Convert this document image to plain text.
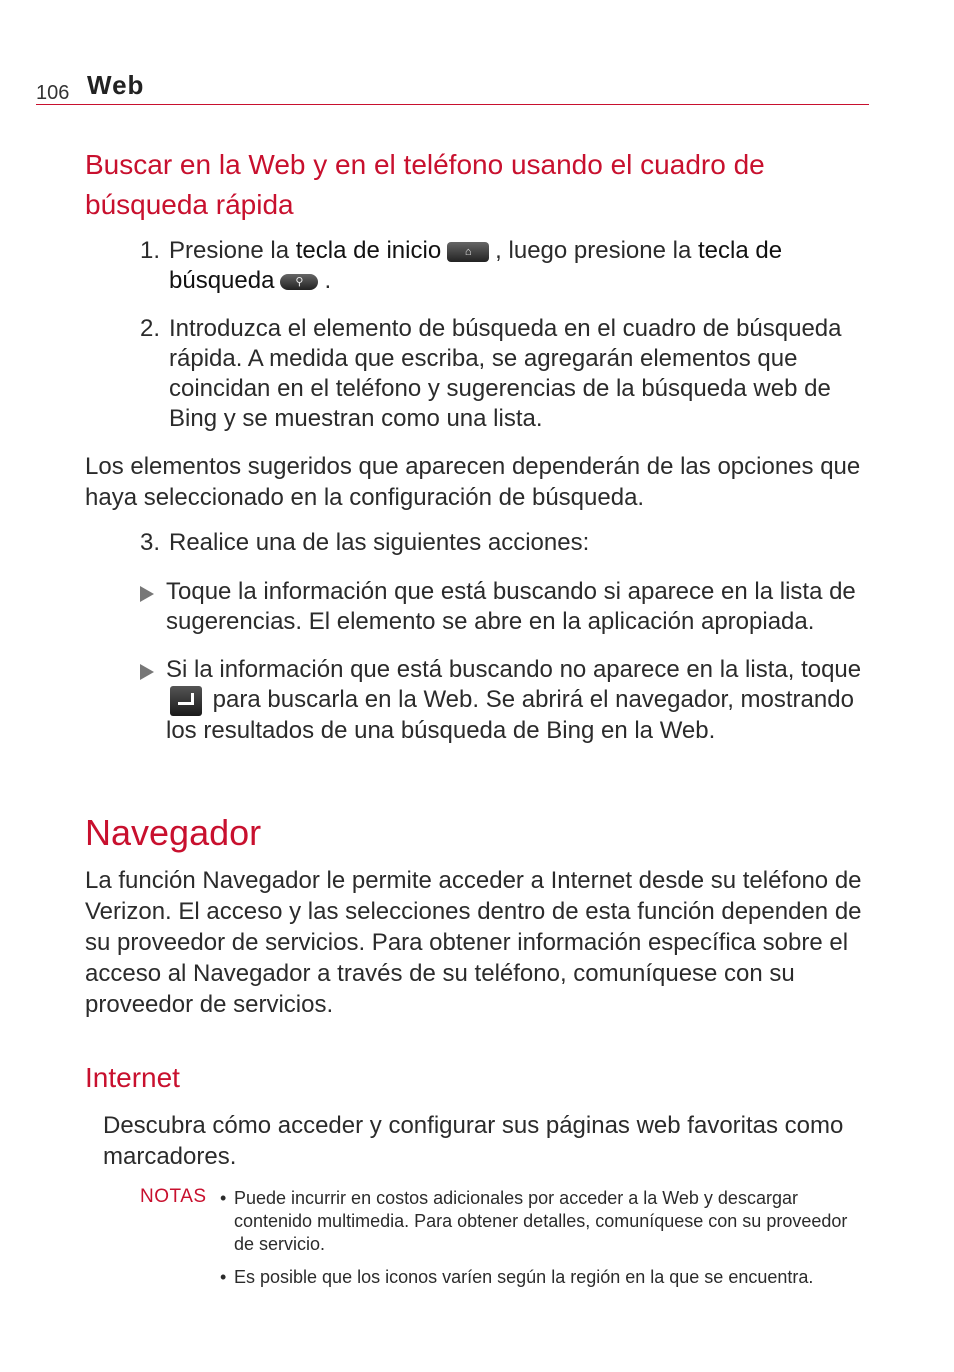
106 Web
Buscar en la Web y en el teléfono usando el cuadro de búsqueda rápida
1. Presione la tecla de inicio ⌂ , luego presione la tecla de búsqueda ⚲ .
2. Introduzca el elemento de búsqueda en el cuadro de búsqueda rápida. A medida que escriba, se agregarán elementos que coincidan en el teléfono y sugerencias de la búsqueda web de Bing y se muestran como una lista.
Los elementos sugeridos que aparecen dependerán de las opciones que haya seleccionado en la configuración de búsqueda.
3. Realice una de las siguientes acciones:
Toque la información que está buscando si aparece en la lista de sugerencias. El elemento se abre en la aplicación apropiada.
Si la información que está buscando no aparece en la lista, toque  para buscarla en la Web. Se abrirá el navegador, mostrando los resultados de una búsqueda de Bing en la Web.
Navegador
La función Navegador le permite acceder a Internet desde su teléfono de Verizon. El acceso y las selecciones dentro de esta función dependen de su proveedor de servicios. Para obtener información específica sobre el acceso al Navegador a través de su teléfono, comuníquese con su proveedor de servicios.
Internet
Descubra cómo acceder y configurar sus páginas web favoritas como marcadores.
NOTAS • Puede incurrir en costos adicionales por acceder a la Web y descargar contenido multimedia. Para obtener detalles, comuníquese con su proveedor de servicio.
• Es posible que los iconos varíen según la región en la que se encuentra.
